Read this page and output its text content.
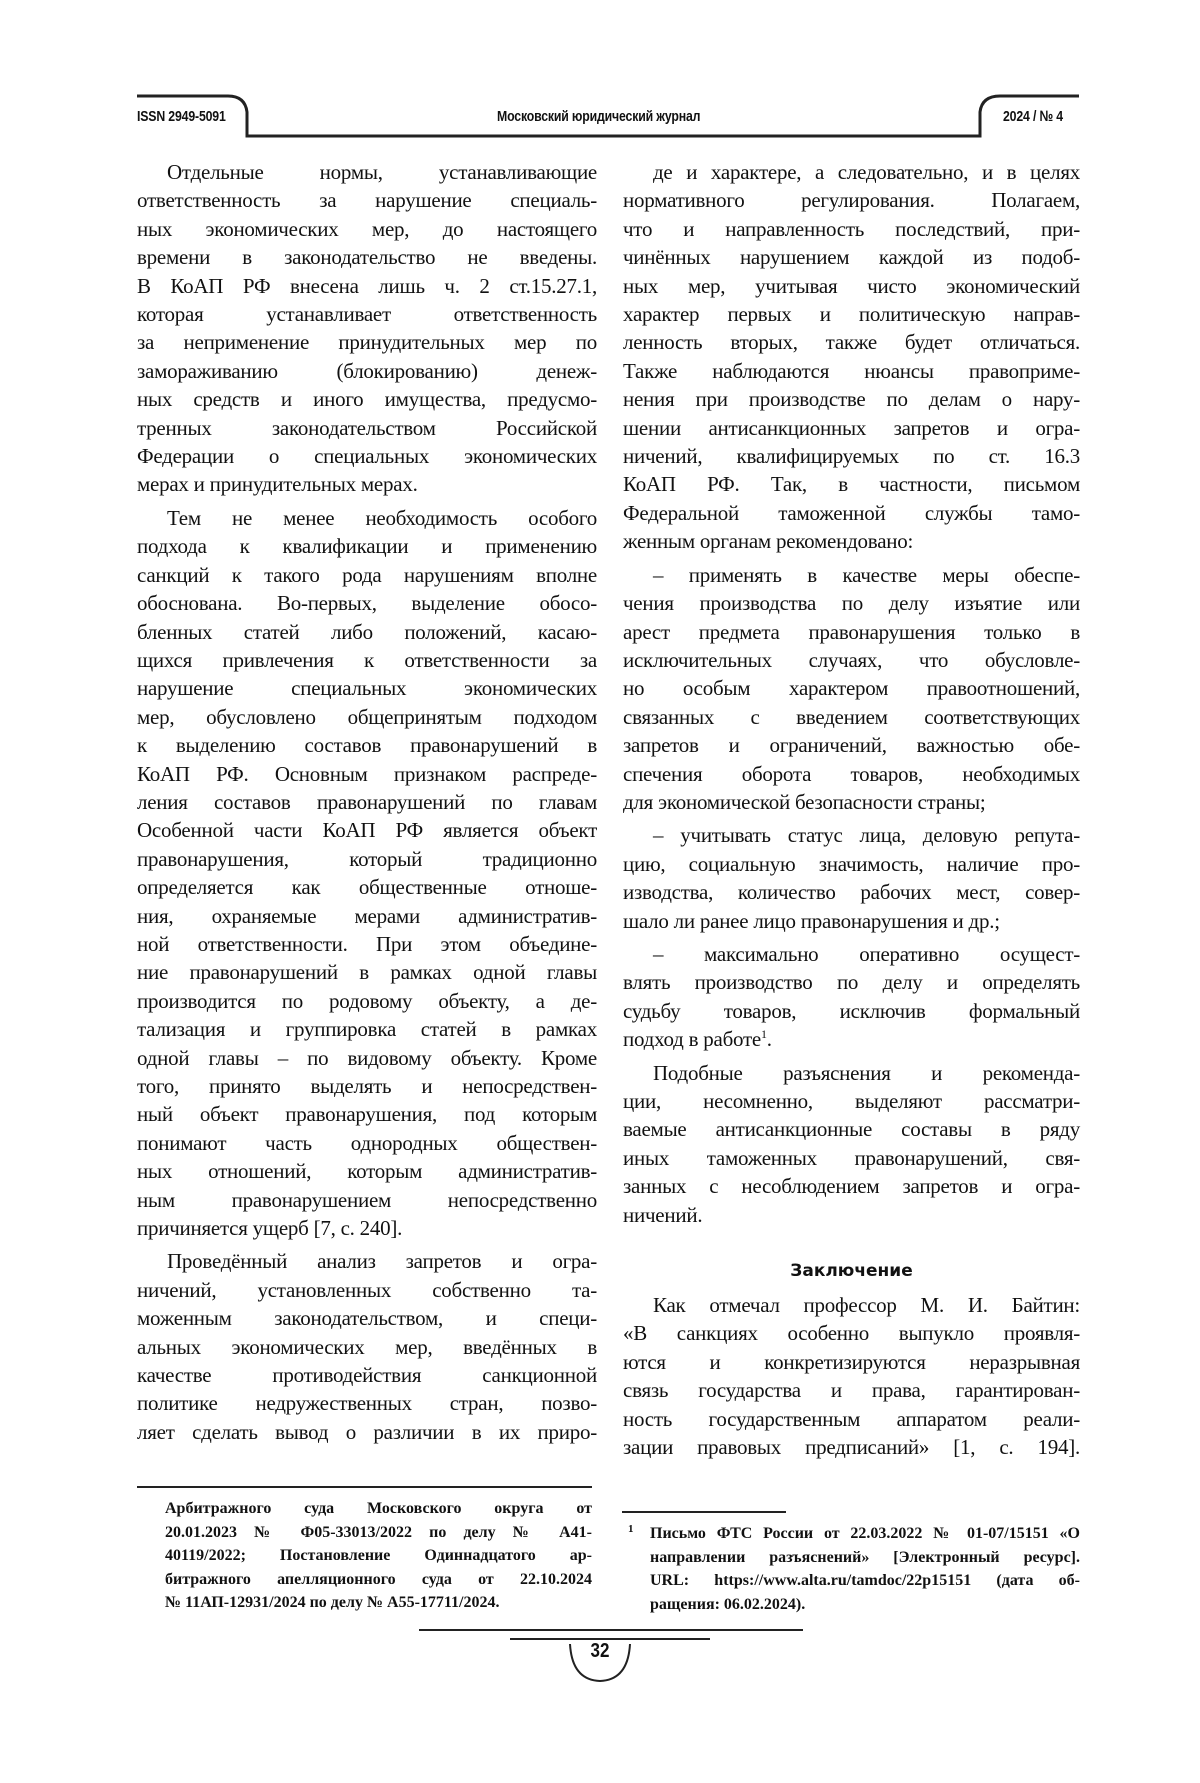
ISSN 2949-5091	Московский юридический журнал	2024 / № 4
Отдельные нормы, устанавливающие
ответственность за нарушение специаль-
ных экономических мер, до настоящего
времени в законодательство не введены.
В КоАП РФ внесена лишь ч. 2 ст.15.27.1,
которая устанавливает ответственность
за неприменение принудительных мер по
замораживанию (блокированию) денеж-
ных средств и иного имущества, предусмо-
тренных законодательством Российской
Федерации о специальных экономических
мерах и принудительных мерах.
Тем не менее необходимость особого
подхода к квалификации и применению
санкций к такого рода нарушениям вполне
обоснована. Во-первых, выделение обосо-
бленных статей либо положений, касаю-
щихся привлечения к ответственности за
нарушение специальных экономических
мер, обусловлено общепринятым подходом
к выделению составов правонарушений в
КоАП РФ. Основным признаком распреде-
ления составов правонарушений по главам
Особенной части КоАП РФ является объект
правонарушения, который традиционно
определяется как общественные отноше-
ния, охраняемые мерами административ-
ной ответственности. При этом объедине-
ние правонарушений в рамках одной главы
производится по родовому объекту, а де-
тализация и группировка статей в рамках
одной главы – по видовому объекту. Кроме
того, принято выделять и непосредствен-
ный объект правонарушения, под которым
понимают часть однородных обществен-
ных отношений, которым административ-
ным правонарушением непосредственно
причиняется ущерб [7, с. 240].
Проведённый анализ запретов и огра-
ничений, установленных собственно та-
моженным законодательством, и специ-
альных экономических мер, введённых в
качестве противодействия санкционной
политике недружественных стран, позво-
ляет сделать вывод о различии в их приро-
де и характере, а следовательно, и в целях
нормативного регулирования. Полагаем,
что и направленность последствий, при-
чинённых нарушением каждой из подоб-
ных мер, учитывая чисто экономический
характер первых и политическую направ-
ленность вторых, также будет отличаться.
Также наблюдаются нюансы правоприме-
нения при производстве по делам о нару-
шении антисанкционных запретов и огра-
ничений, квалифицируемых по ст. 16.3
КоАП РФ. Так, в частности, письмом
Федеральной таможенной службы тамо-
женным органам рекомендовано:
– применять в качестве меры обеспе-
чения производства по делу изъятие или
арест предмета правонарушения только в
исключительных случаях, что обусловле-
но особым характером правоотношений,
связанных с введением соответствующих
запретов и ограничений, важностью обе-
спечения оборота товаров, необходимых
для экономической безопасности страны;
– учитывать статус лица, деловую репута-
цию, социальную значимость, наличие про-
изводства, количество рабочих мест, совер-
шало ли ранее лицо правонарушения и др.;
– максимально оперативно осущест-
влять производство по делу и определять
судьбу товаров, исключив формальный
подход в работе1.
Подобные разъяснения и рекоменда-
ции, несомненно, выделяют рассматри-
ваемые антисанкционные составы в ряду
иных таможенных правонарушений, свя-
занных с несоблюдением запретов и огра-
ничений.
Заключение
Как отмечал профессор М. И. Байтин:
«В санкциях особенно выпукло проявля-
ются и конкретизируются неразрывная
связь государства и права, гарантирован-
ность государственным аппаратом реали-
зации правовых предписаний» [1, с. 194].
Арбитражного суда Московского округа от
20.01.2023 № Ф05-33013/2022 по делу № А41-
40119/2022; Постановление Одиннадцатого ар-
битражного апелляционного суда от 22.10.2024
№ 11АП-12931/2024 по делу № А55-17711/2024.
1 Письмо ФТС России от 22.03.2022 № 01-07/15151 «О
направлении разъяснений» [Электронный ресурс].
URL: https://www.alta.ru/tamdoc/22p15151 (дата об-
ращения: 06.02.2024).
32
